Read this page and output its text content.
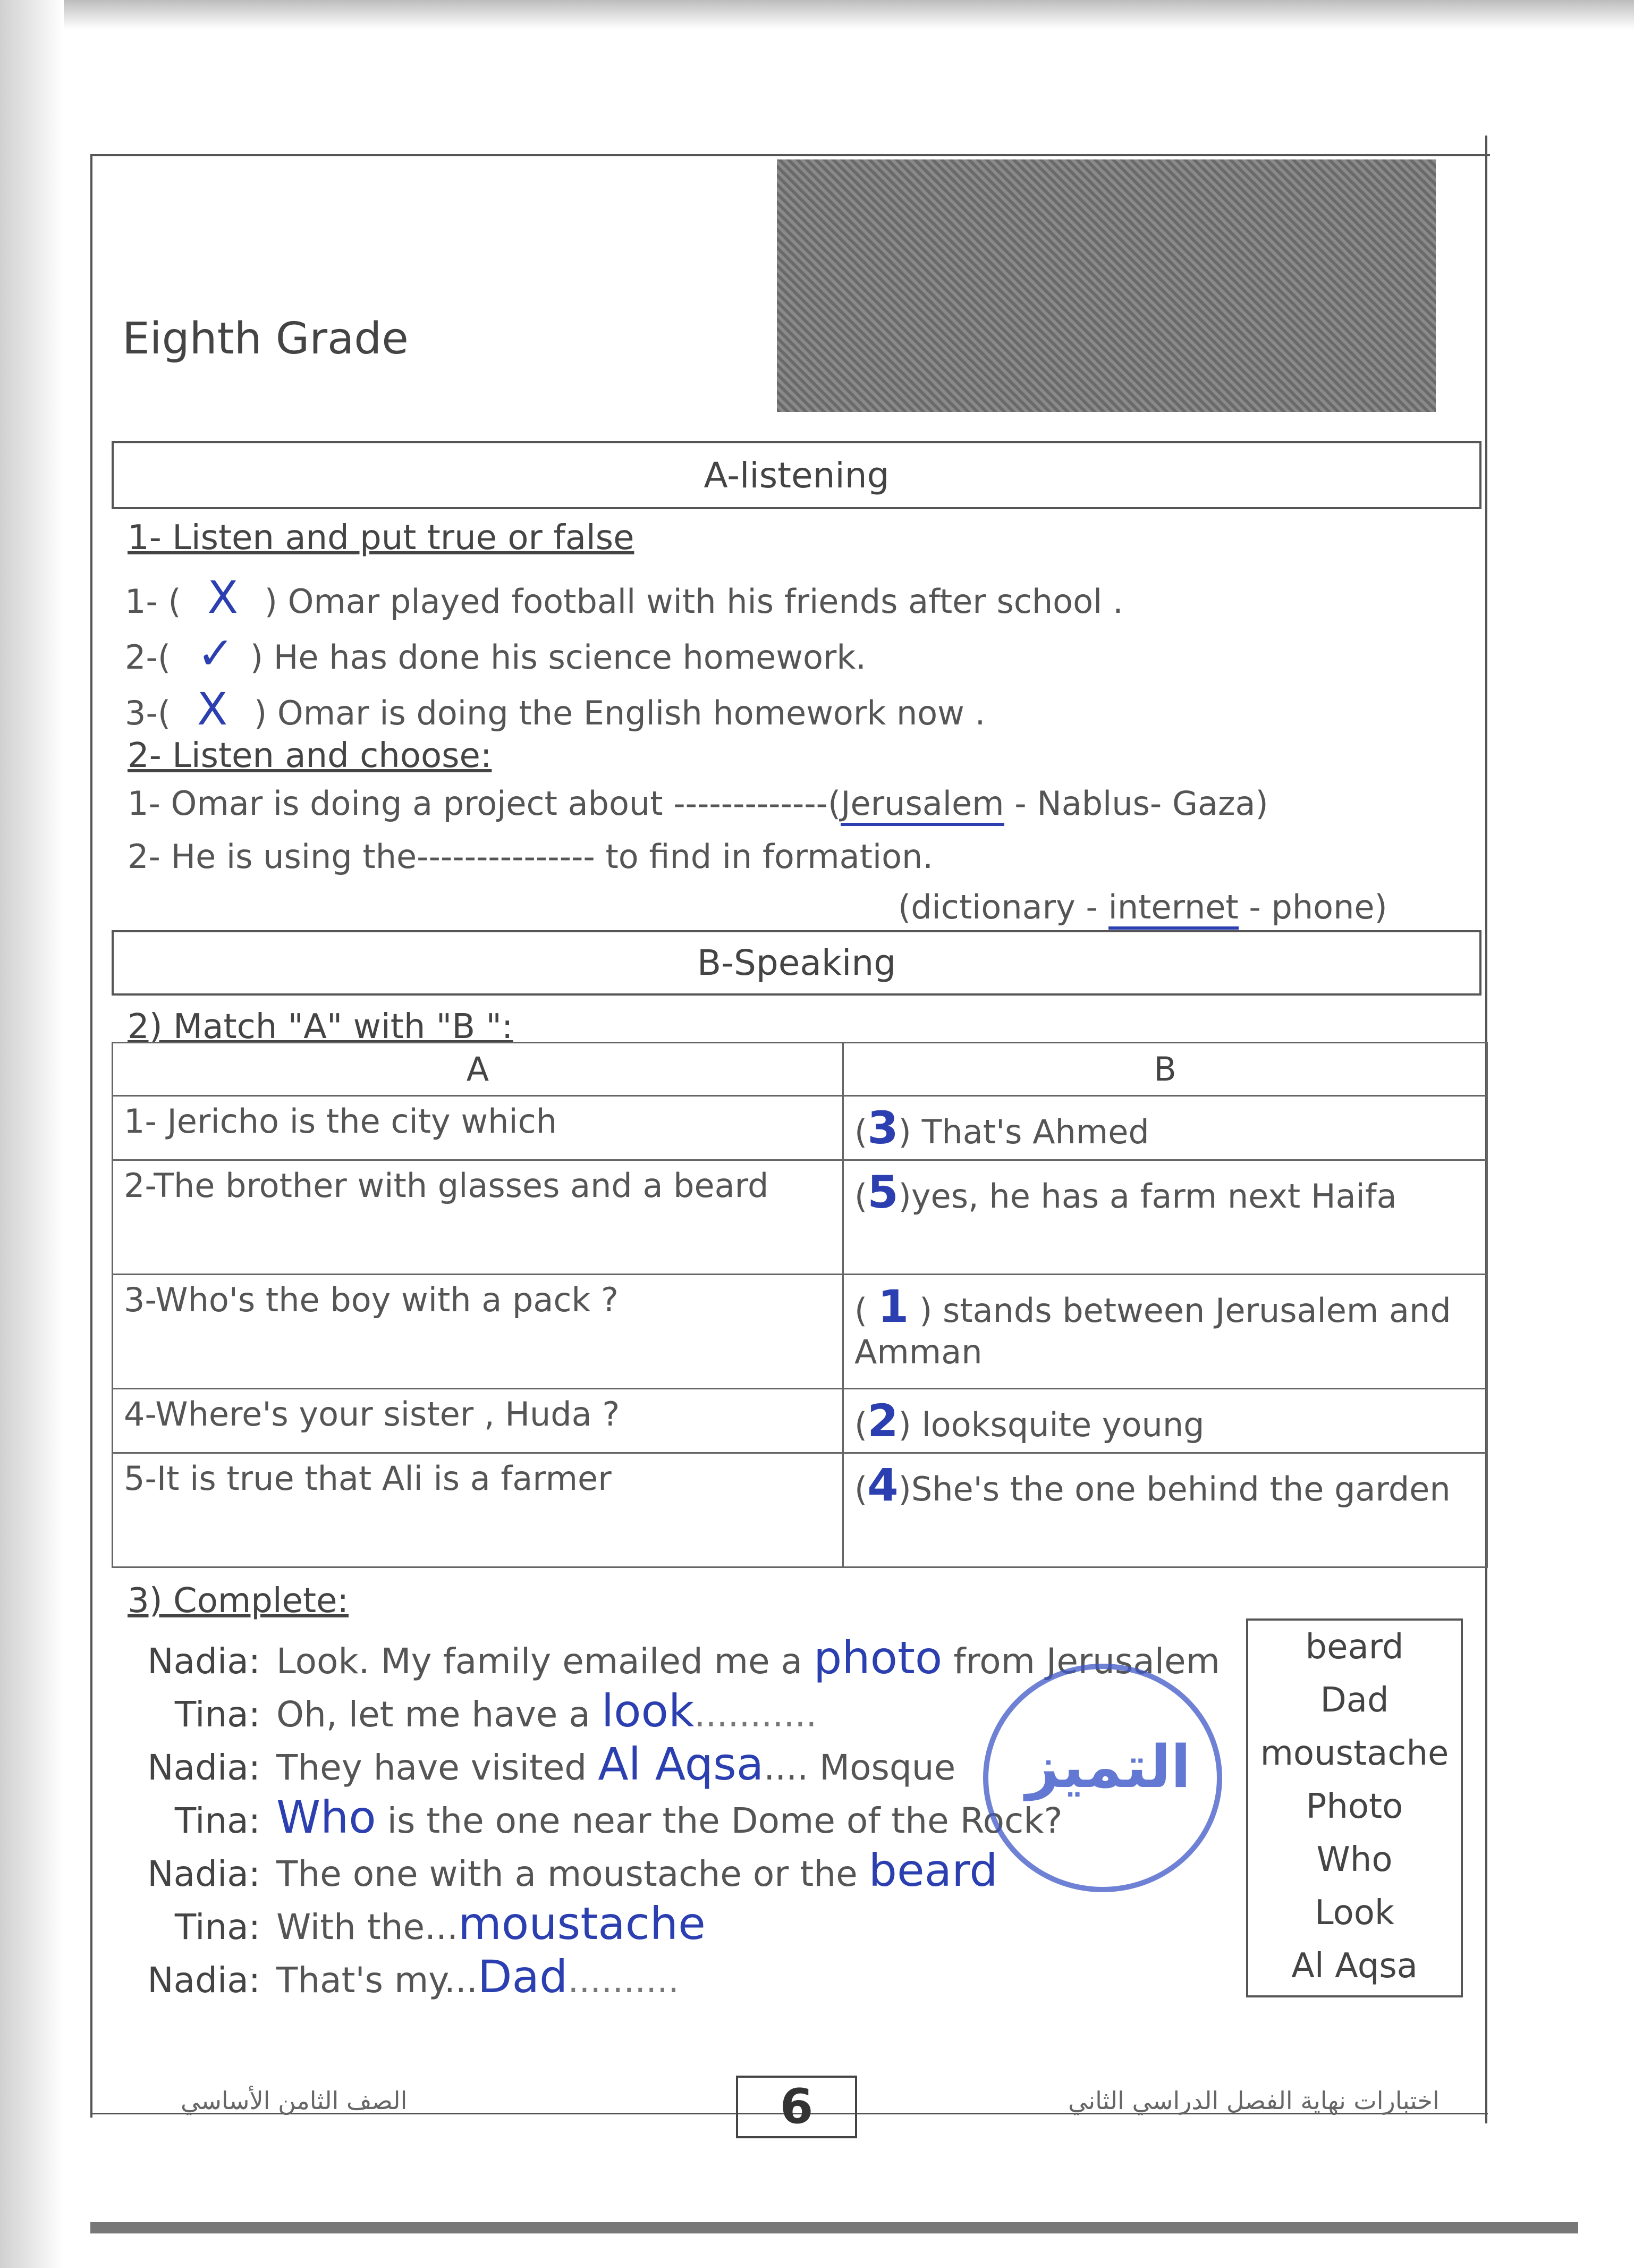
Eighth Grade
A-listening
1- Listen and put true or false
1- ( X ) Omar played football with his friends after school .
2-( ✓ ) He has done his science homework.
3-( X ) Omar is doing the English homework now .
2- Listen and choose:
1- Omar is doing a project about -------------(Jerusalem - Nablus- Gaza)
2- He is using the--------------- to find in formation.
(dictionary - internet - phone)
B-Speaking
2) Match "A" with "B ":
A	B
1- Jericho is the city which	(3) That's Ahmed
2-The brother with glasses and a beard	(5)yes, he has a farm next Haifa
3-Who's the boy with a pack ?	( 1 ) stands between Jerusalem and Amman
4-Where's your sister , Huda ?	(2) looksquite young
5-It is true that Ali is a farmer	(4)She's the one behind the garden
3) Complete:
Nadia: Look. My family emailed me a photo from Jerusalem
Tina: Oh, let me have a look...........
Nadia: They have visited Al Aqsa.... Mosque
Tina: Who is the one near the Dome of the Rock?
Nadia: The one with a moustache or the beard
Tina: With the...moustache
Nadia: That's my...Dad..........
beard
Dad
moustache
Photo
Who
Look
Al Aqsa
التميز
الصف الثامن الأساسي	6	اختبارات نهاية الفصل الدراسي الثاني
